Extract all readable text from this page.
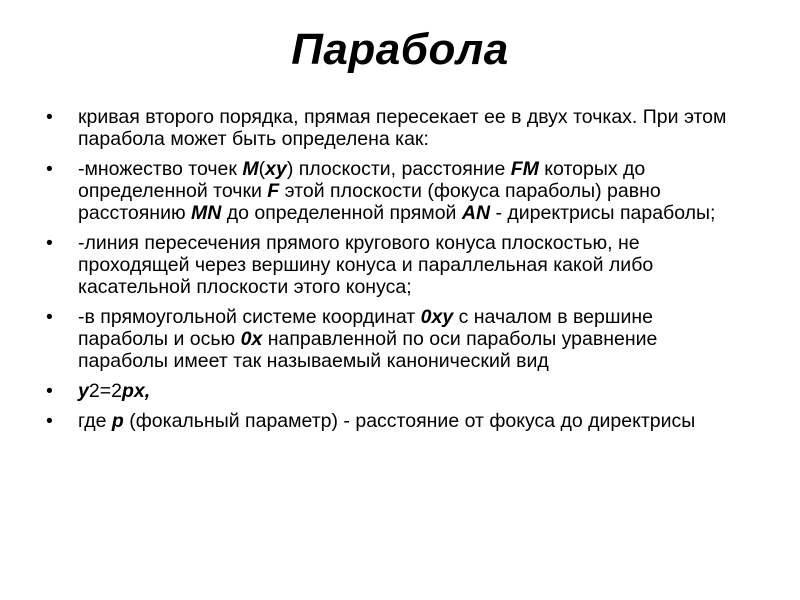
Парабола
• кривая второго порядка, прямая пересекает ее в двух точках. При этом парабола может быть определена как:
• -множество точек M(xy) плоскости, расстояние FM которых до определенной точки F этой плоскости (фокуса параболы) равно расстоянию MN до определенной прямой AN - директрисы параболы;
• -линия пересечения прямого кругового конуса плоскостью, не проходящей через вершину конуса и параллельная какой либо касательной плоскости этого конуса;
• -в прямоугольной системе координат 0xy с началом в вершине параболы и осью 0x направленной по оси параболы уравнение параболы имеет так называемый канонический вид
• y2=2px,
• где p (фокальный параметр) - расстояние от фокуса до директрисы
